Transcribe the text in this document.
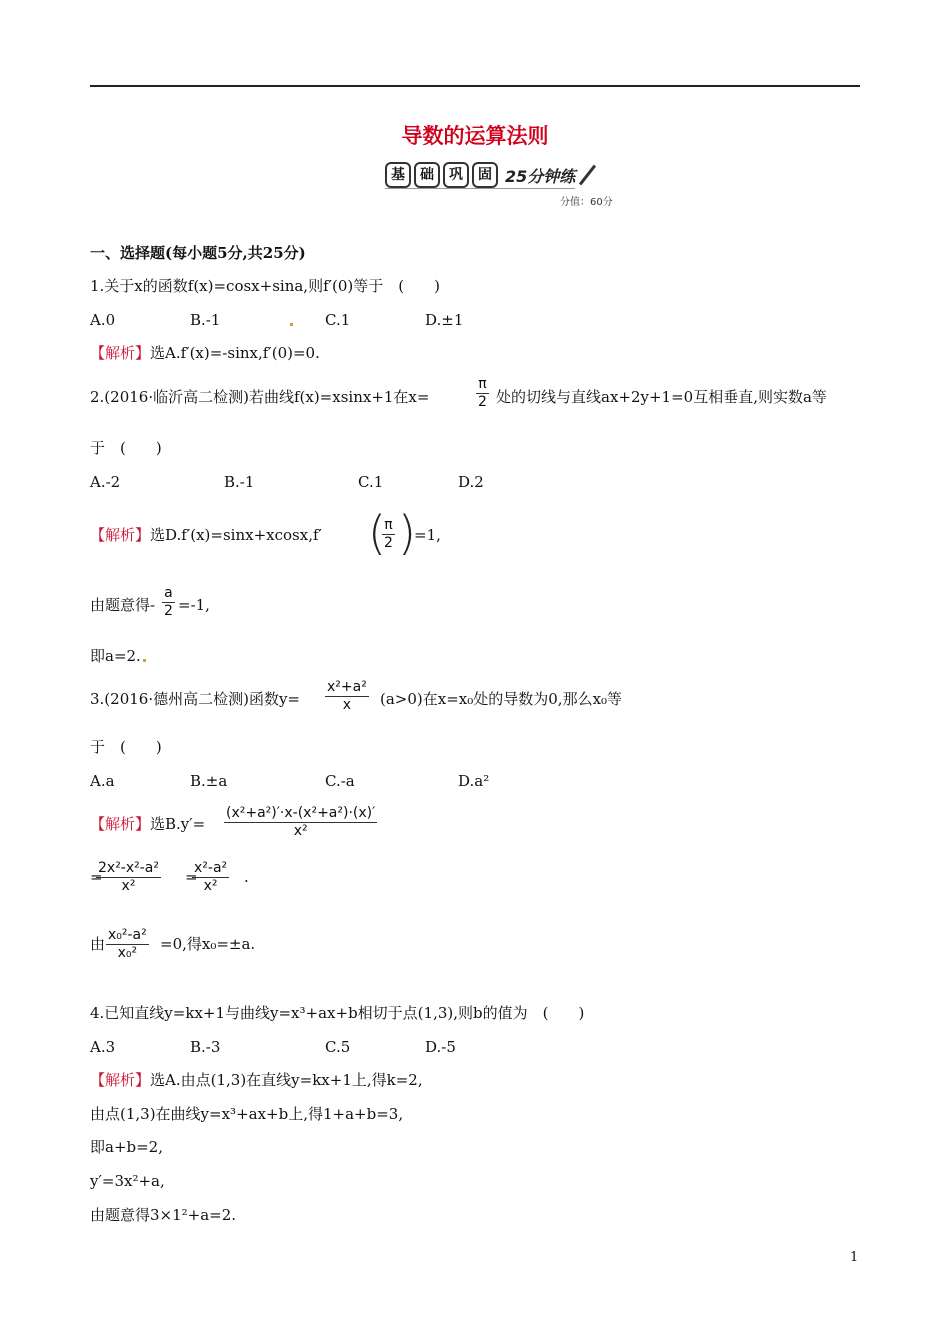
导数的运算法则
基	础	巩	固 25分钟练
分值：60分
一、选择题(每小题5分,共25分)
1.关于x的函数f(x)=cosx+sina,则f′(0)等于　(　　)
A.0	B.-1	C.1	D.±1
【解析】选A.f′(x)=-sinx,f′(0)=0.
2.(2016·临沂高二检测)若曲线f(x)=xsinx+1在x=	$\frac{\pi}{2}$ 处的切线与直线ax+2y+1=0互相垂直,则实数a等
于　(　　)
A.-2	B.-1	C.1	D.2
【解析】选D.f′(x)=sinx+xcosx,f′ (
$\frac{\pi}{2}$ )
=1,
由题意得- $\frac{a}{2} =-1$,
即a=2.
3.(2016·德州高二检测)函数$y= \frac{\text{x²+a²}}{x} (a>0)$在x=x₀处的导数为0,那么x₀等
于　(　　)
A.a	B.±a	C.-a	D.a²
【解析】选$B.y'= \frac{\text{(x²+a²)′·x-(x²+a²)·(x)′}}{\text{x²}}$
=
$\frac{\text{2x²-x²-a²}}{\text{x²}}$ =
$\frac{\text{x²-a²}}{\text{x²}}$ .
由 $\frac{\text{x₀²-a²}}{\text{x₀²}} =0$,得x₀=±a.
4.已知直线y=kx+1与曲线y=x³+ax+b相切于点(1,3),则b的值为　(　　)
A.3	B.-3	C.5	D.-5
【解析】选A.由点(1,3)在直线y=kx+1上,得k=2,
由点(1,3)在曲线y=x³+ax+b上,得1+a+b=3,
即a+b=2,
y′=3x²+a,
由题意得3×1²+a=2.
1
